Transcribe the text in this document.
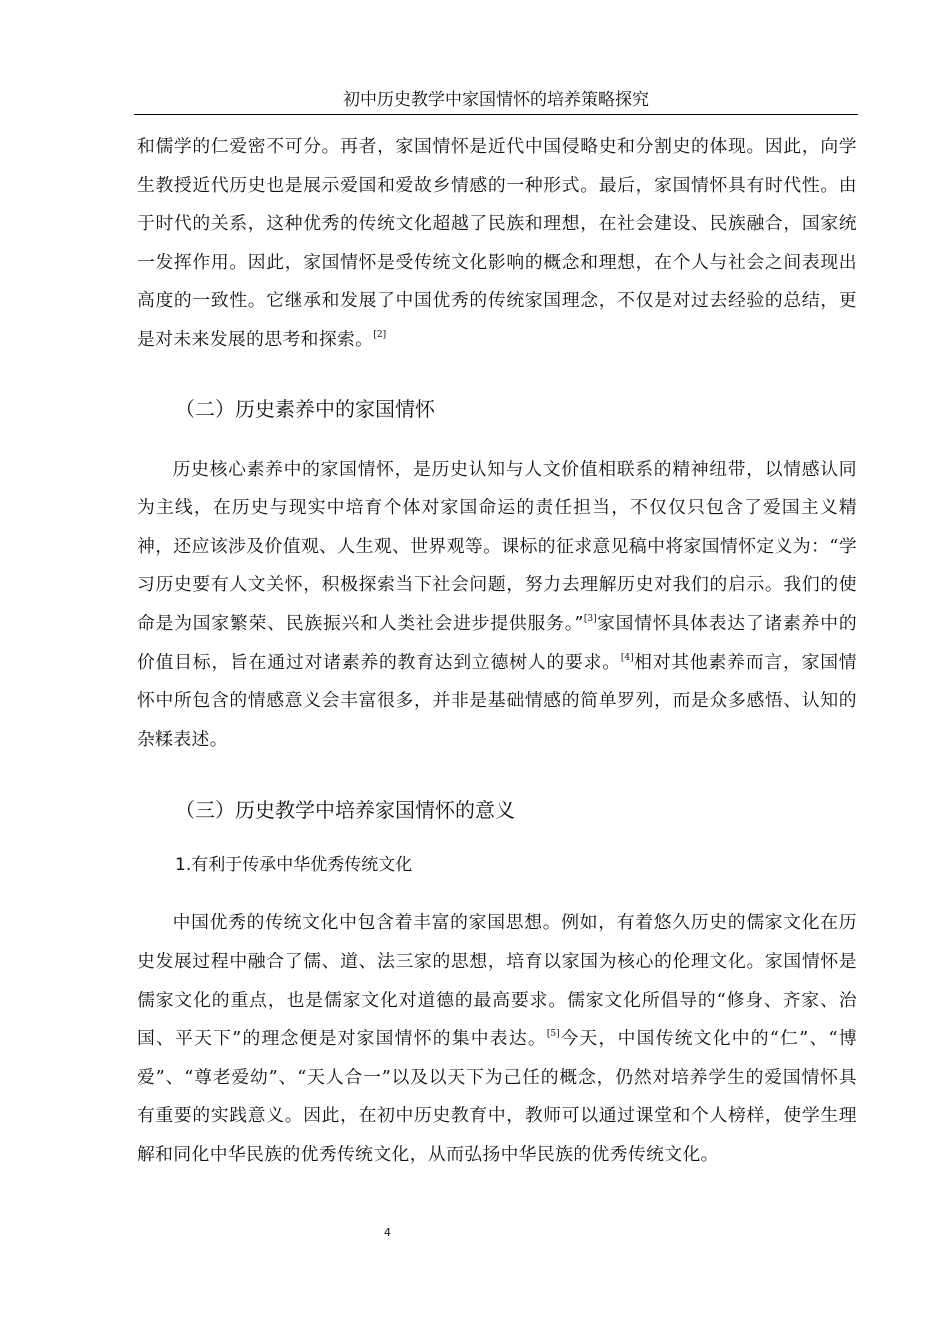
初中历史教学中家国情怀的培养策略探究

和儒学的仁爱密不可分。再者，家国情怀是近代中国侵略史和分割史的体现。因此，向学生教授近代历史也是展示爱国和爱故乡情感的一种形式。最后，家国情怀具有时代性。由于时代的关系，这种优秀的传统文化超越了民族和理想，在社会建设、民族融合，国家统一发挥作用。因此，家国情怀是受传统文化影响的概念和理想，在个人与社会之间表现出高度的一致性。它继承和发展了中国优秀的传统家国理念，不仅是对过去经验的总结，更是对未来发展的思考和探索。[2]

（二）历史素养中的家国情怀

历史核心素养中的家国情怀，是历史认知与人文价值相联系的精神纽带，以情感认同为主线，在历史与现实中培育个体对家国命运的责任担当，不仅仅只包含了爱国主义精神，还应该涉及价值观、人生观、世界观等。课标的征求意见稿中将家国情怀定义为：“学习历史要有人文关怀，积极探索当下社会问题，努力去理解历史对我们的启示。我们的使命是为国家繁荣、民族振兴和人类社会进步提供服务。”[3]家国情怀具体表达了诸素养中的价值目标，旨在通过对诸素养的教育达到立德树人的要求。[4]相对其他素养而言，家国情怀中所包含的情感意义会丰富很多，并非是基础情感的简单罗列，而是众多感悟、认知的杂糅表述。

（三）历史教学中培养家国情怀的意义
1.有利于传承中华优秀传统文化

中国优秀的传统文化中包含着丰富的家国思想。例如，有着悠久历史的儒家文化在历史发展过程中融合了儒、道、法三家的思想，培育以家国为核心的伦理文化。家国情怀是儒家文化的重点，也是儒家文化对道德的最高要求。儒家文化所倡导的“修身、齐家、治国、平天下”的理念便是对家国情怀的集中表达。[5]今天，中国传统文化中的“仁”、“博爱”、“尊老爱幼”、“天人合一”以及以天下为己任的概念，仍然对培养学生的爱国情怀具有重要的实践意义。因此，在初中历史教育中，教师可以通过课堂和个人榜样，使学生理解和同化中华民族的优秀传统文化，从而弘扬中华民族的优秀传统文化。

4
